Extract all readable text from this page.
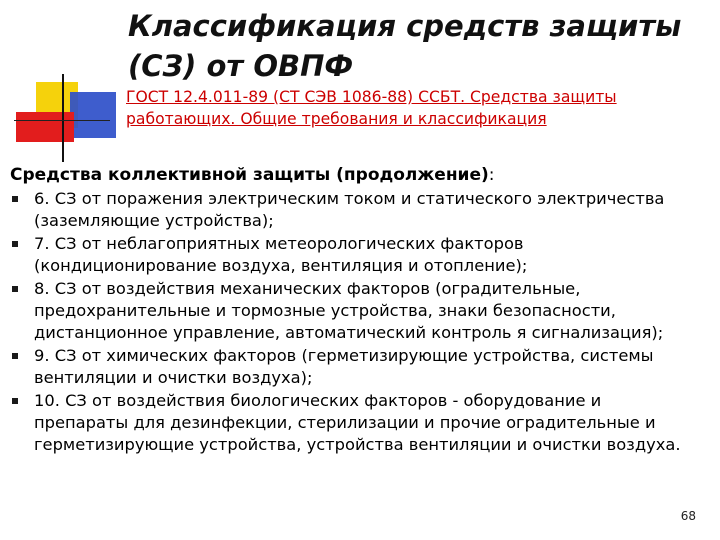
Классификация средств защиты
(СЗ) от ОВПФ
ГОСТ 12.4.011-89 (СТ СЭВ 1086-88) ССБТ. Средства защиты
работающих. Общие требования и классификация
Средства коллективной защиты (продолжение):
6. СЗ от поражения электрическим током и статического электричества
(заземляющие устройства);
7. СЗ от неблагоприятных метеорологических факторов
(кондиционирование воздуха, вентиляция и отопление);
8. СЗ от воздействия механических факторов (оградительные,
предохранительные и тормозные устройства, знаки безопасности,
дистанционное управление, автоматический контроль я сигнализация);
9. СЗ от химических факторов (герметизирующие устройства, системы
вентиляции и очистки воздуха);
10. СЗ от воздействия биологических факторов - оборудование и
препараты для дезинфекции, стерилизации и прочие оградительные и
герметизирующие устройства, устройства вентиляции и очистки воздуха.
68
